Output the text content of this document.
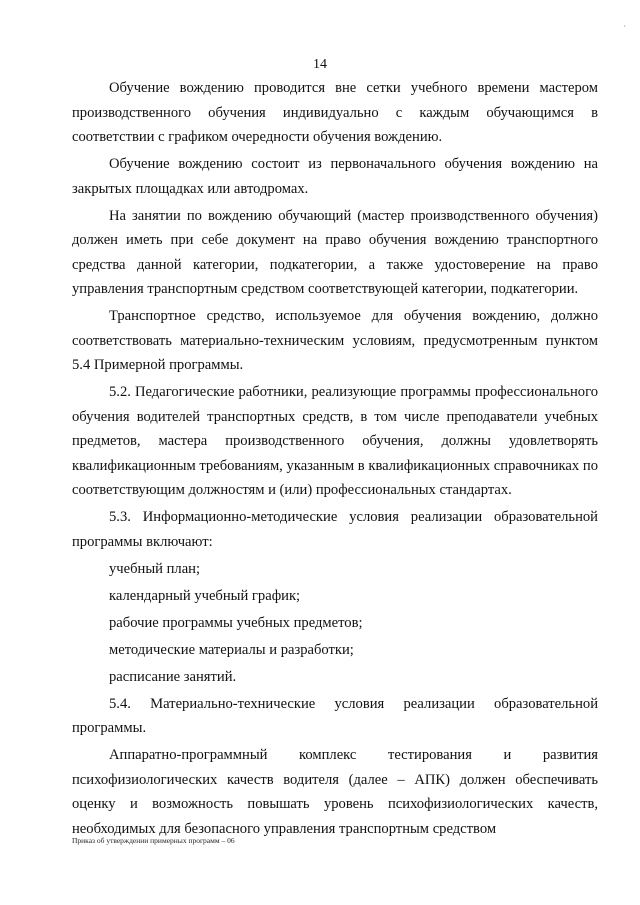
·
14

Обучение вождению проводится вне сетки учебного времени мастером производственного обучения индивидуально с каждым обучающимся в соответствии с графиком очередности обучения вождению.

Обучение вождению состоит из первоначального обучения вождению на закрытых площадках или автодромах.

На занятии по вождению обучающий (мастер производственного обучения) должен иметь при себе документ на право обучения вождению транспортного средства данной категории, подкатегории, а также удостоверение на право управления транспортным средством соответствующей категории, подкатегории.

Транспортное средство, используемое для обучения вождению, должно соответствовать материально-техническим условиям, предусмотренным пунктом 5.4 Примерной программы.

5.2. Педагогические работники, реализующие программы профессионального обучения водителей транспортных средств, в том числе преподаватели учебных предметов, мастера производственного обучения, должны удовлетворять квалификационным требованиям, указанным в квалификационных справочниках по соответствующим должностям и (или) профессиональных стандартах.

5.3. Информационно-методические условия реализации образовательной программы включают:

учебный план;

календарный учебный график;

рабочие программы учебных предметов;

методические материалы и разработки;

расписание занятий.

5.4. Материально-технические условия реализации образовательной программы.

Аппаратно-программный комплекс тестирования и развития психофизиологических качеств водителя (далее – АПК) должен обеспечивать оценку и возможность повышать уровень психофизиологических качеств, необходимых для безопасного управления транспортным средством

Приказ об утверждении примерных программ – 06
